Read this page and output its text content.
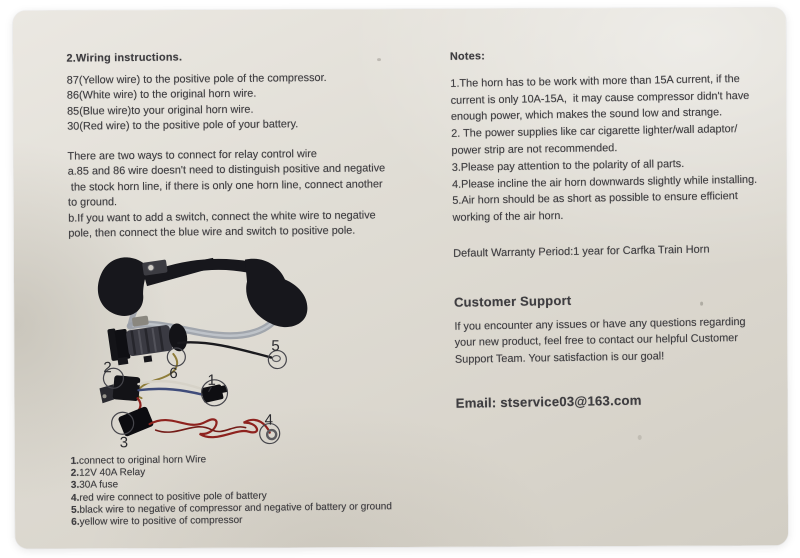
2.Wiring instructions.
87(Yellow wire) to the positive pole of the compressor.
86(White wire) to the original horn wire.
85(Blue wire)to your original horn wire.
30(Red wire) to the positive pole of your battery.
There are two ways to connect for relay control wire
a.85 and 86 wire doesn't need to distinguish positive and negative
the stock horn line, if there is only one horn line, connect another
to ground.
b.If you want to add a switch, connect the white wire to negative
pole, then connect the blue wire and switch to positive pole.
1
2
3
4
5
6
1.connect to original horn Wire
2.12V 40A Relay
3.30A fuse
4.red wire connect to positive pole of battery
5.black wire to negative of compressor and negative of battery or ground
6.yellow wire to positive of compressor
Notes:
1.The horn has to be work with more than 15A current, if the
current is only 10A-15A,  it may cause compressor didn't have
enough power, which makes the sound low and strange.
2. The power supplies like car cigarette lighter/wall adaptor/
power strip are not recommended.
3.Please pay attention to the polarity of all parts.
4.Please incline the air horn downwards slightly while installing.
5.Air horn should be as short as possible to ensure efficient
working of the air horn.
Default Warranty Period:1 year for Carfka Train Horn
Customer Support
If you encounter any issues or have any questions regarding
your new product, feel free to contact our helpful Customer
Support Team. Your satisfaction is our goal!
Email: stservice03@163.com
